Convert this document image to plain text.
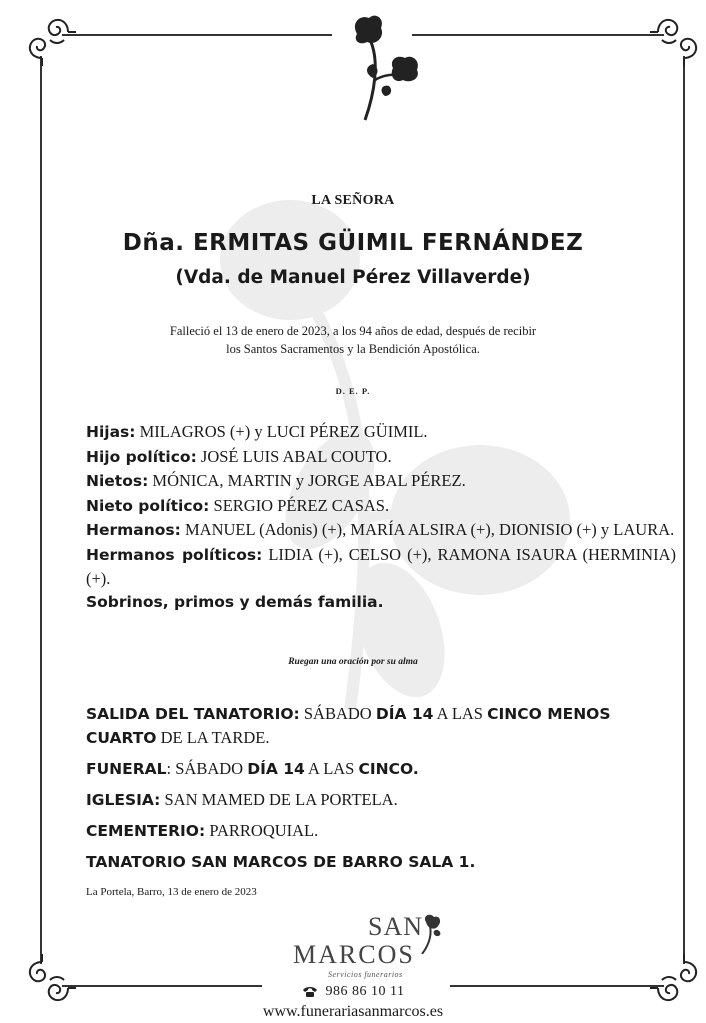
LA SEÑORA
Dña. ERMITAS GÜIMIL FERNÁNDEZ
(Vda. de Manuel Pérez Villaverde)
Falleció el 13 de enero de 2023, a los 94 años de edad, después de recibir
los Santos Sacramentos y la Bendición Apostólica.
D. E. P.
Hijas: MILAGROS (+) y LUCI PÉREZ GÜIMIL.
Hijo político: JOSÉ LUIS ABAL COUTO.
Nietos: MÓNICA, MARTIN y JORGE ABAL PÉREZ.
Nieto político: SERGIO PÉREZ CASAS.
Hermanos: MANUEL (Adonis) (+), MARÍA ALSIRA (+), DIONISIO (+) y LAURA.
Hermanos políticos: LIDIA (+), CELSO (+), RAMONA ISAURA (HERMINIA) (+).
Sobrinos, primos y demás familia.
Ruegan una oración por su alma
SALIDA DEL TANATORIO: SÁBADO DÍA 14 A LAS CINCO MENOS CUARTO DE LA TARDE.
FUNERAL: SÁBADO DÍA 14 A LAS CINCO.
IGLESIA: SAN MAMED DE LA PORTELA.
CEMENTERIO: PARROQUIAL.
TANATORIO SAN MARCOS DE BARRO SALA 1.
La Portela, Barro, 13 de enero de 2023
SAN
MARCOS
Servicios funerarios
986 86 10 11
www.funerariasanmarcos.es
